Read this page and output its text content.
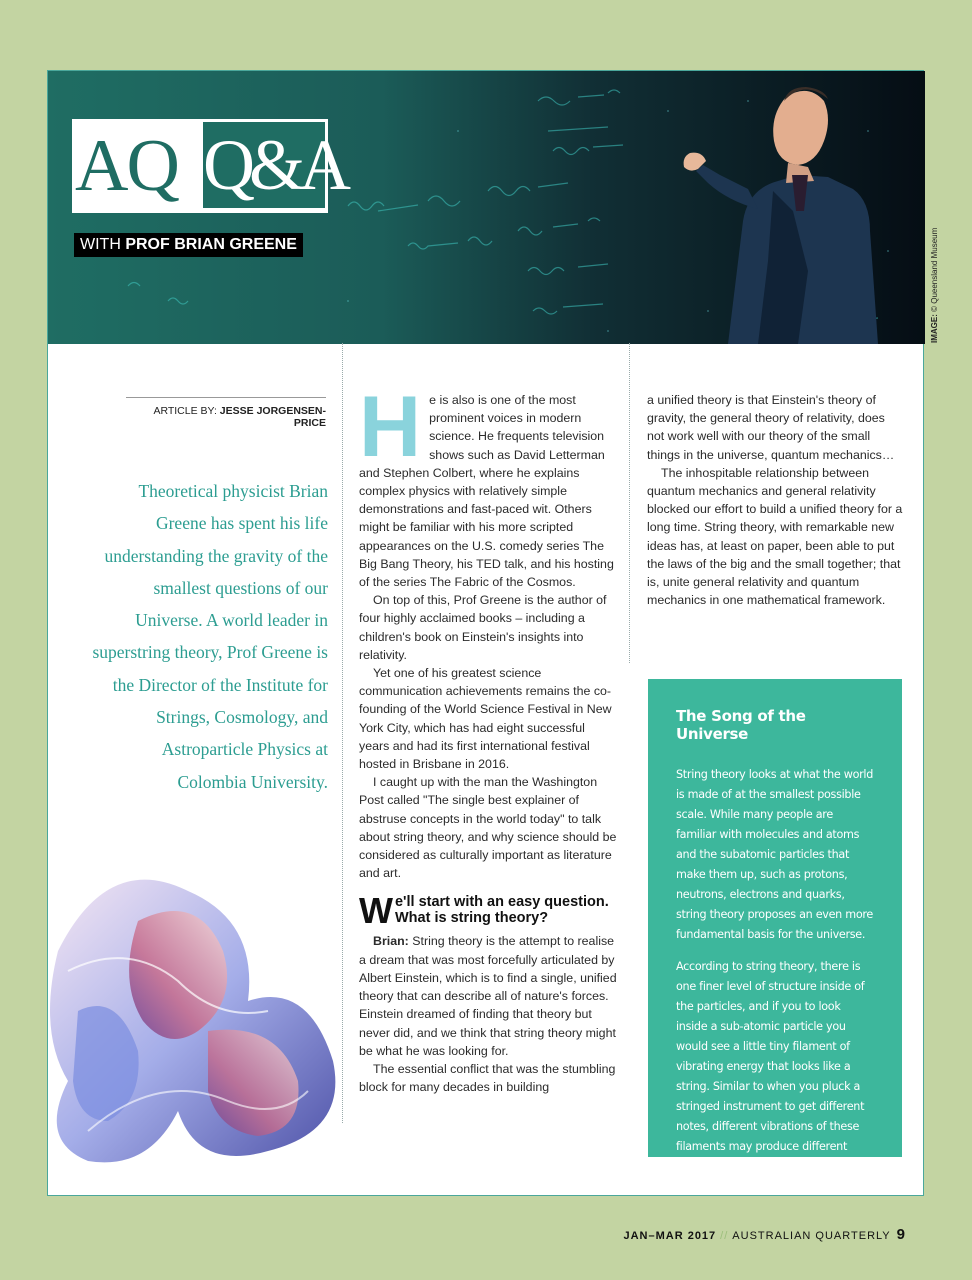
AQ Q&A
WITH PROF BRIAN GREENE
IMAGE: © Queensland Museum
ARTICLE BY: JESSE JORGENSEN-PRICE
Theoretical physicist Brian Greene has spent his life understanding the gravity of the smallest questions of our Universe. A world leader in superstring theory, Prof Greene is the Director of the Institute for Strings, Cosmology, and Astroparticle Physics at Colombia University.

He is also is one of the most prominent voices in modern science. He frequents television shows such as David Letterman and Stephen Colbert, where he explains complex physics with relatively simple demonstrations and fast-paced wit. Others might be familiar with his more scripted appearances on the U.S. comedy series The Big Bang Theory, his TED talk, and his hosting of the series The Fabric of the Cosmos.

On top of this, Prof Greene is the author of four highly acclaimed books – including a children's book on Einstein's insights into relativity.

Yet one of his greatest science communication achievements remains the co-founding of the World Science Festival in New York City, which has had eight successful years and had its first international festival hosted in Brisbane in 2016.

I caught up with the man the Washington Post called "The single best explainer of abstruse concepts in the world today" to talk about string theory, and why science should be considered as culturally important as literature and art.

We'll start with an easy question. What is string theory?

Brian: String theory is the attempt to realise a dream that was most forcefully articulated by Albert Einstein, which is to find a single, unified theory that can describe all of nature's forces. Einstein dreamed of finding that theory but never did, and we think that string theory might be what he was looking for.

The essential conflict that was the stumbling block for many decades in building

a unified theory is that Einstein's theory of gravity, the general theory of relativity, does not work well with our theory of the small things in the universe, quantum mechanics…

The inhospitable relationship between quantum mechanics and general relativity blocked our effort to build a unified theory for a long time. String theory, with remarkable new ideas has, at least on paper, been able to put the laws of the big and the small together; that is, unite general relativity and quantum mechanics in one mathematical framework.

The Song of the Universe

String theory looks at what the world is made of at the smallest possible scale. While many people are familiar with molecules and atoms and the subatomic particles that make them up, such as protons, neutrons, electrons and quarks, string theory proposes an even more fundamental basis for the universe.

According to string theory, there is one finer level of structure inside of the particles, and if you to look inside a sub-atomic particle you would see a little tiny filament of vibrating energy that looks like a string. Similar to when you pluck a stringed instrument to get different notes, different vibrations of these filaments may produce different particles.

JAN–MAR 2017 // AUSTRALIAN QUARTERLY 9
